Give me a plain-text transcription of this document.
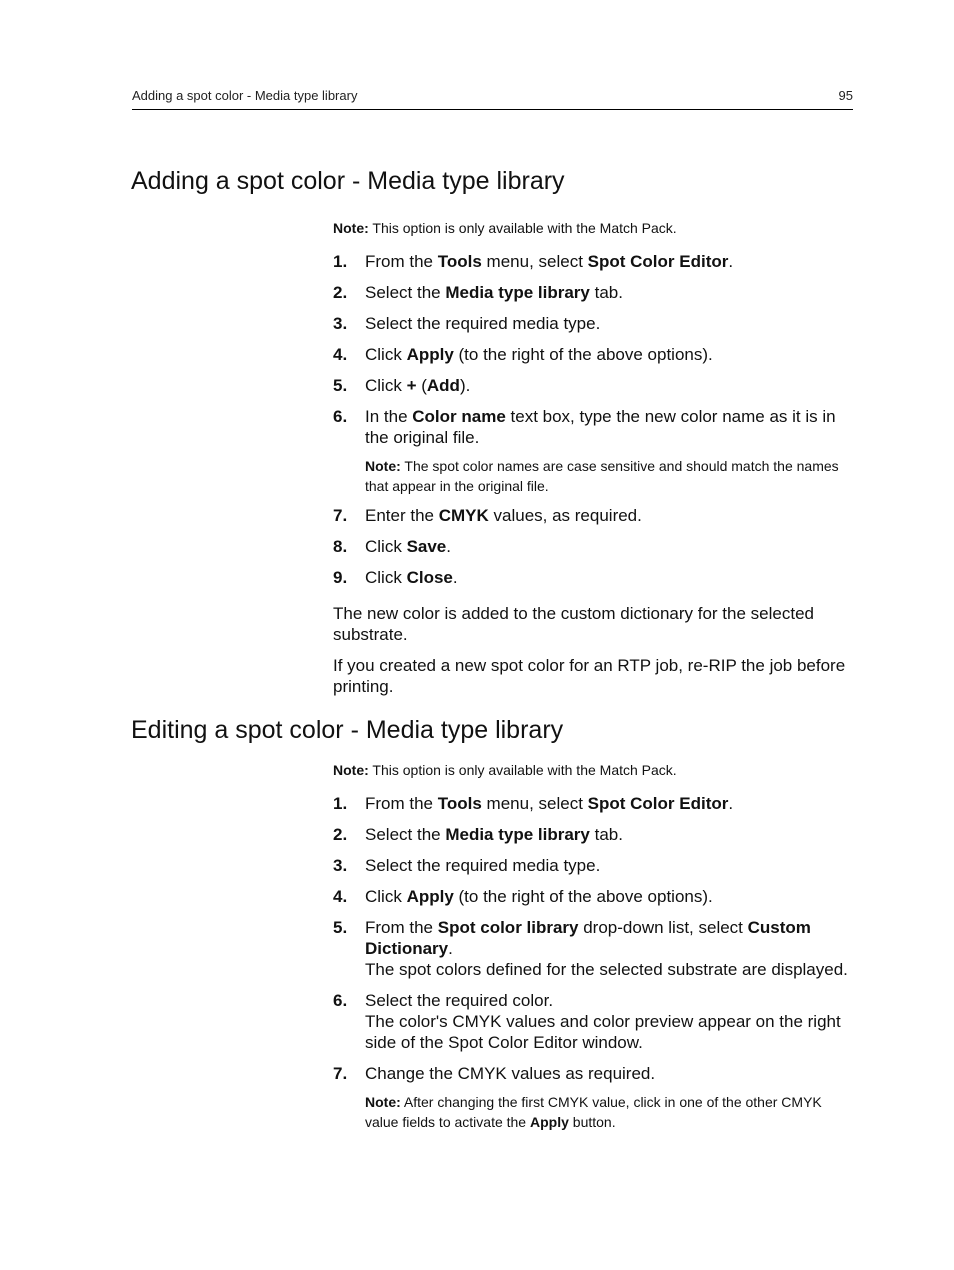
Adding a spot color - Media type library	95
Adding a spot color - Media type library

Note: This option is only available with the Match Pack.

1. From the Tools menu, select Spot Color Editor.
2. Select the Media type library tab.
3. Select the required media type.
4. Click Apply (to the right of the above options).
5. Click + (Add).
6. In the Color name text box, type the new color name as it is in the original file.

Note: The spot color names are case sensitive and should match the names that appear in the original file.

7. Enter the CMYK values, as required.
8. Click Save.
9. Click Close.

The new color is added to the custom dictionary for the selected substrate.

If you created a new spot color for an RTP job, re-RIP the job before printing.

Editing a spot color - Media type library

Note: This option is only available with the Match Pack.

1. From the Tools menu, select Spot Color Editor.
2. Select the Media type library tab.
3. Select the required media type.
4. Click Apply (to the right of the above options).
5. From the Spot color library drop-down list, select Custom Dictionary.
The spot colors defined for the selected substrate are displayed.
6. Select the required color.
The color's CMYK values and color preview appear on the right side of the Spot Color Editor window.
7. Change the CMYK values as required.

Note: After changing the first CMYK value, click in one of the other CMYK value fields to activate the Apply button.
